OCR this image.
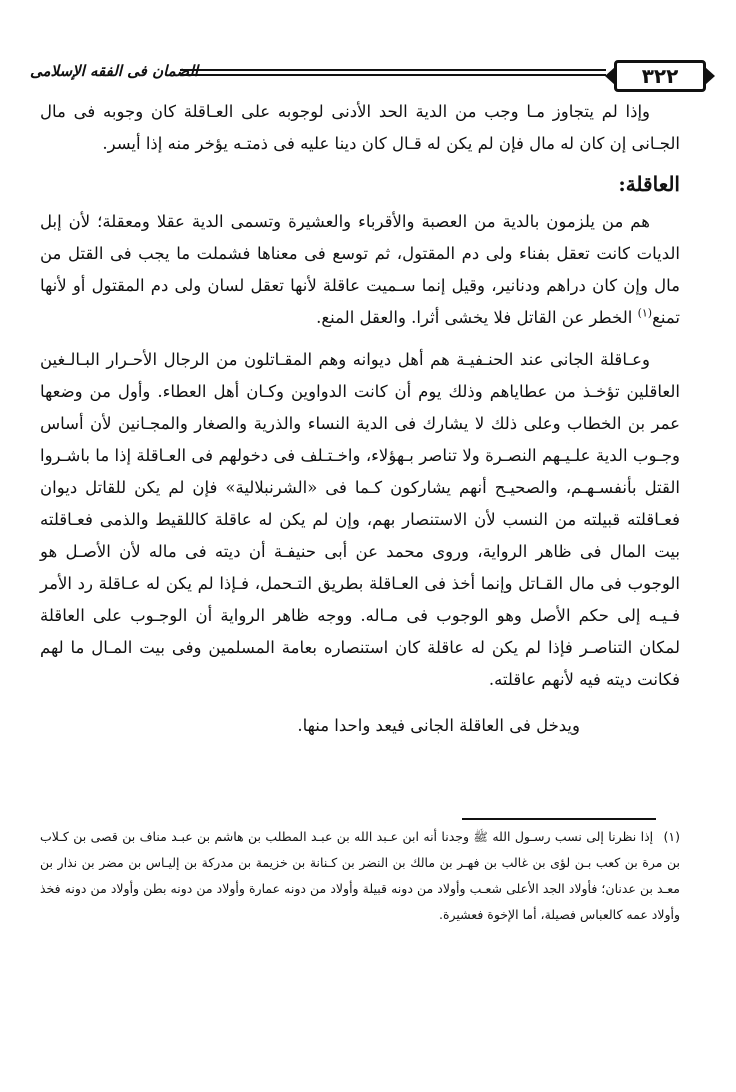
٣٢٢
الضمان فى الفقه الإسلامى

وإذا لم يتجاوز مـا وجب من الدية الحد الأدنى لوجوبه على العـاقلة كان وجوبه فى مال الجـانى إن كان له مال فإن لم يكن له قـال كان دينا عليه فى ذمتـه يؤخر منه إذا أيسر.

العاقلة:

هم من يلزمون بالدية من العصبة والأقرباء والعشيرة وتسمى الدية عقلا ومعقلة؛ لأن إبل الديات كانت تعقل بفناء ولى دم المقتول، ثم توسع فى معناها فشملت ما يجب فى القتل من مال وإن كان دراهم ودنانير، وقيل إنما سـميت عاقلة لأنها تعقل لسان ولى دم المقتول أو لأنها تمنع$^{(١)}$ الخطر عن القاتل فلا يخشى أثرا. والعقل المنع.

وعـاقلة الجانى عند الحنـفيـة هم أهل ديوانه وهم المقـاتلون من الرجال الأحـرار البـالـغين العاقلين تؤخـذ من عطاياهم وذلك يوم أن كانت الدواوين وكـان أهل العطاء. وأول من وضعها عمر بن الخطاب وعلى ذلك لا يشارك فى الدية النساء والذرية والصغار والمجـانين لأن أساس وجـوب الدية علـيـهم النصـرة ولا تناصر بـهؤلاء، واخـتـلف فى دخولهم فى العـاقلة إذا ما باشـروا القتل بأنفسـهـم، والصحيـح أنهم يشاركون كـما فى «الشرنبلالية» فإن لم يكن للقاتل ديوان فعـاقلته قبيلته من النسب لأن الاستنصار بهم، وإن لم يكن له عاقلة كاللقيط والذمى فعـاقلته بيت المال فى ظاهر الرواية، وروى محمد عن أبى حنيفـة أن ديته فى ماله لأن الأصـل هو الوجوب فى مال القـاتل وإنما أخذ فى العـاقلة بطريق التـحمل، فـإذا لم يكن له عـاقلة رد الأمر فـيـه إلى حكم الأصل وهو الوجوب فى مـاله. ووجه ظاهر الرواية أن الوجـوب على العاقلة لمكان التناصـر فإذا لم يكن له عاقلة كان استنصاره بعامة المسلمين وفى بيت المـال ما لهم فكانت ديته فيه لأنهم عاقلته.

ويدخل فى العاقلة الجانى فيعد واحدا منها.

(١) إذا نظرنا إلى نسب رسـول الله ﷺ وجدنا أنه ابن عـبد الله بن عبـد المطلب بن هاشم بن عبـد مناف بن قصى بن كـلاب بن مرة بن كعب بـن لؤى بن غالب بن فهـر بن مالك بن النضر بن كـنانة بن خزيمة بن مدركة بن إليـاس بن مضر بن نذار بن معـد بن عدنان؛ فأولاد الجد الأعلى شعـب وأولاد من دونه قبيلة وأولاد من دونه عمارة وأولاد من دونه بطن وأولاد من دونه فخذ وأولاد عمه كالعباس فصيلة، أما الإخوة فعشيرة.
